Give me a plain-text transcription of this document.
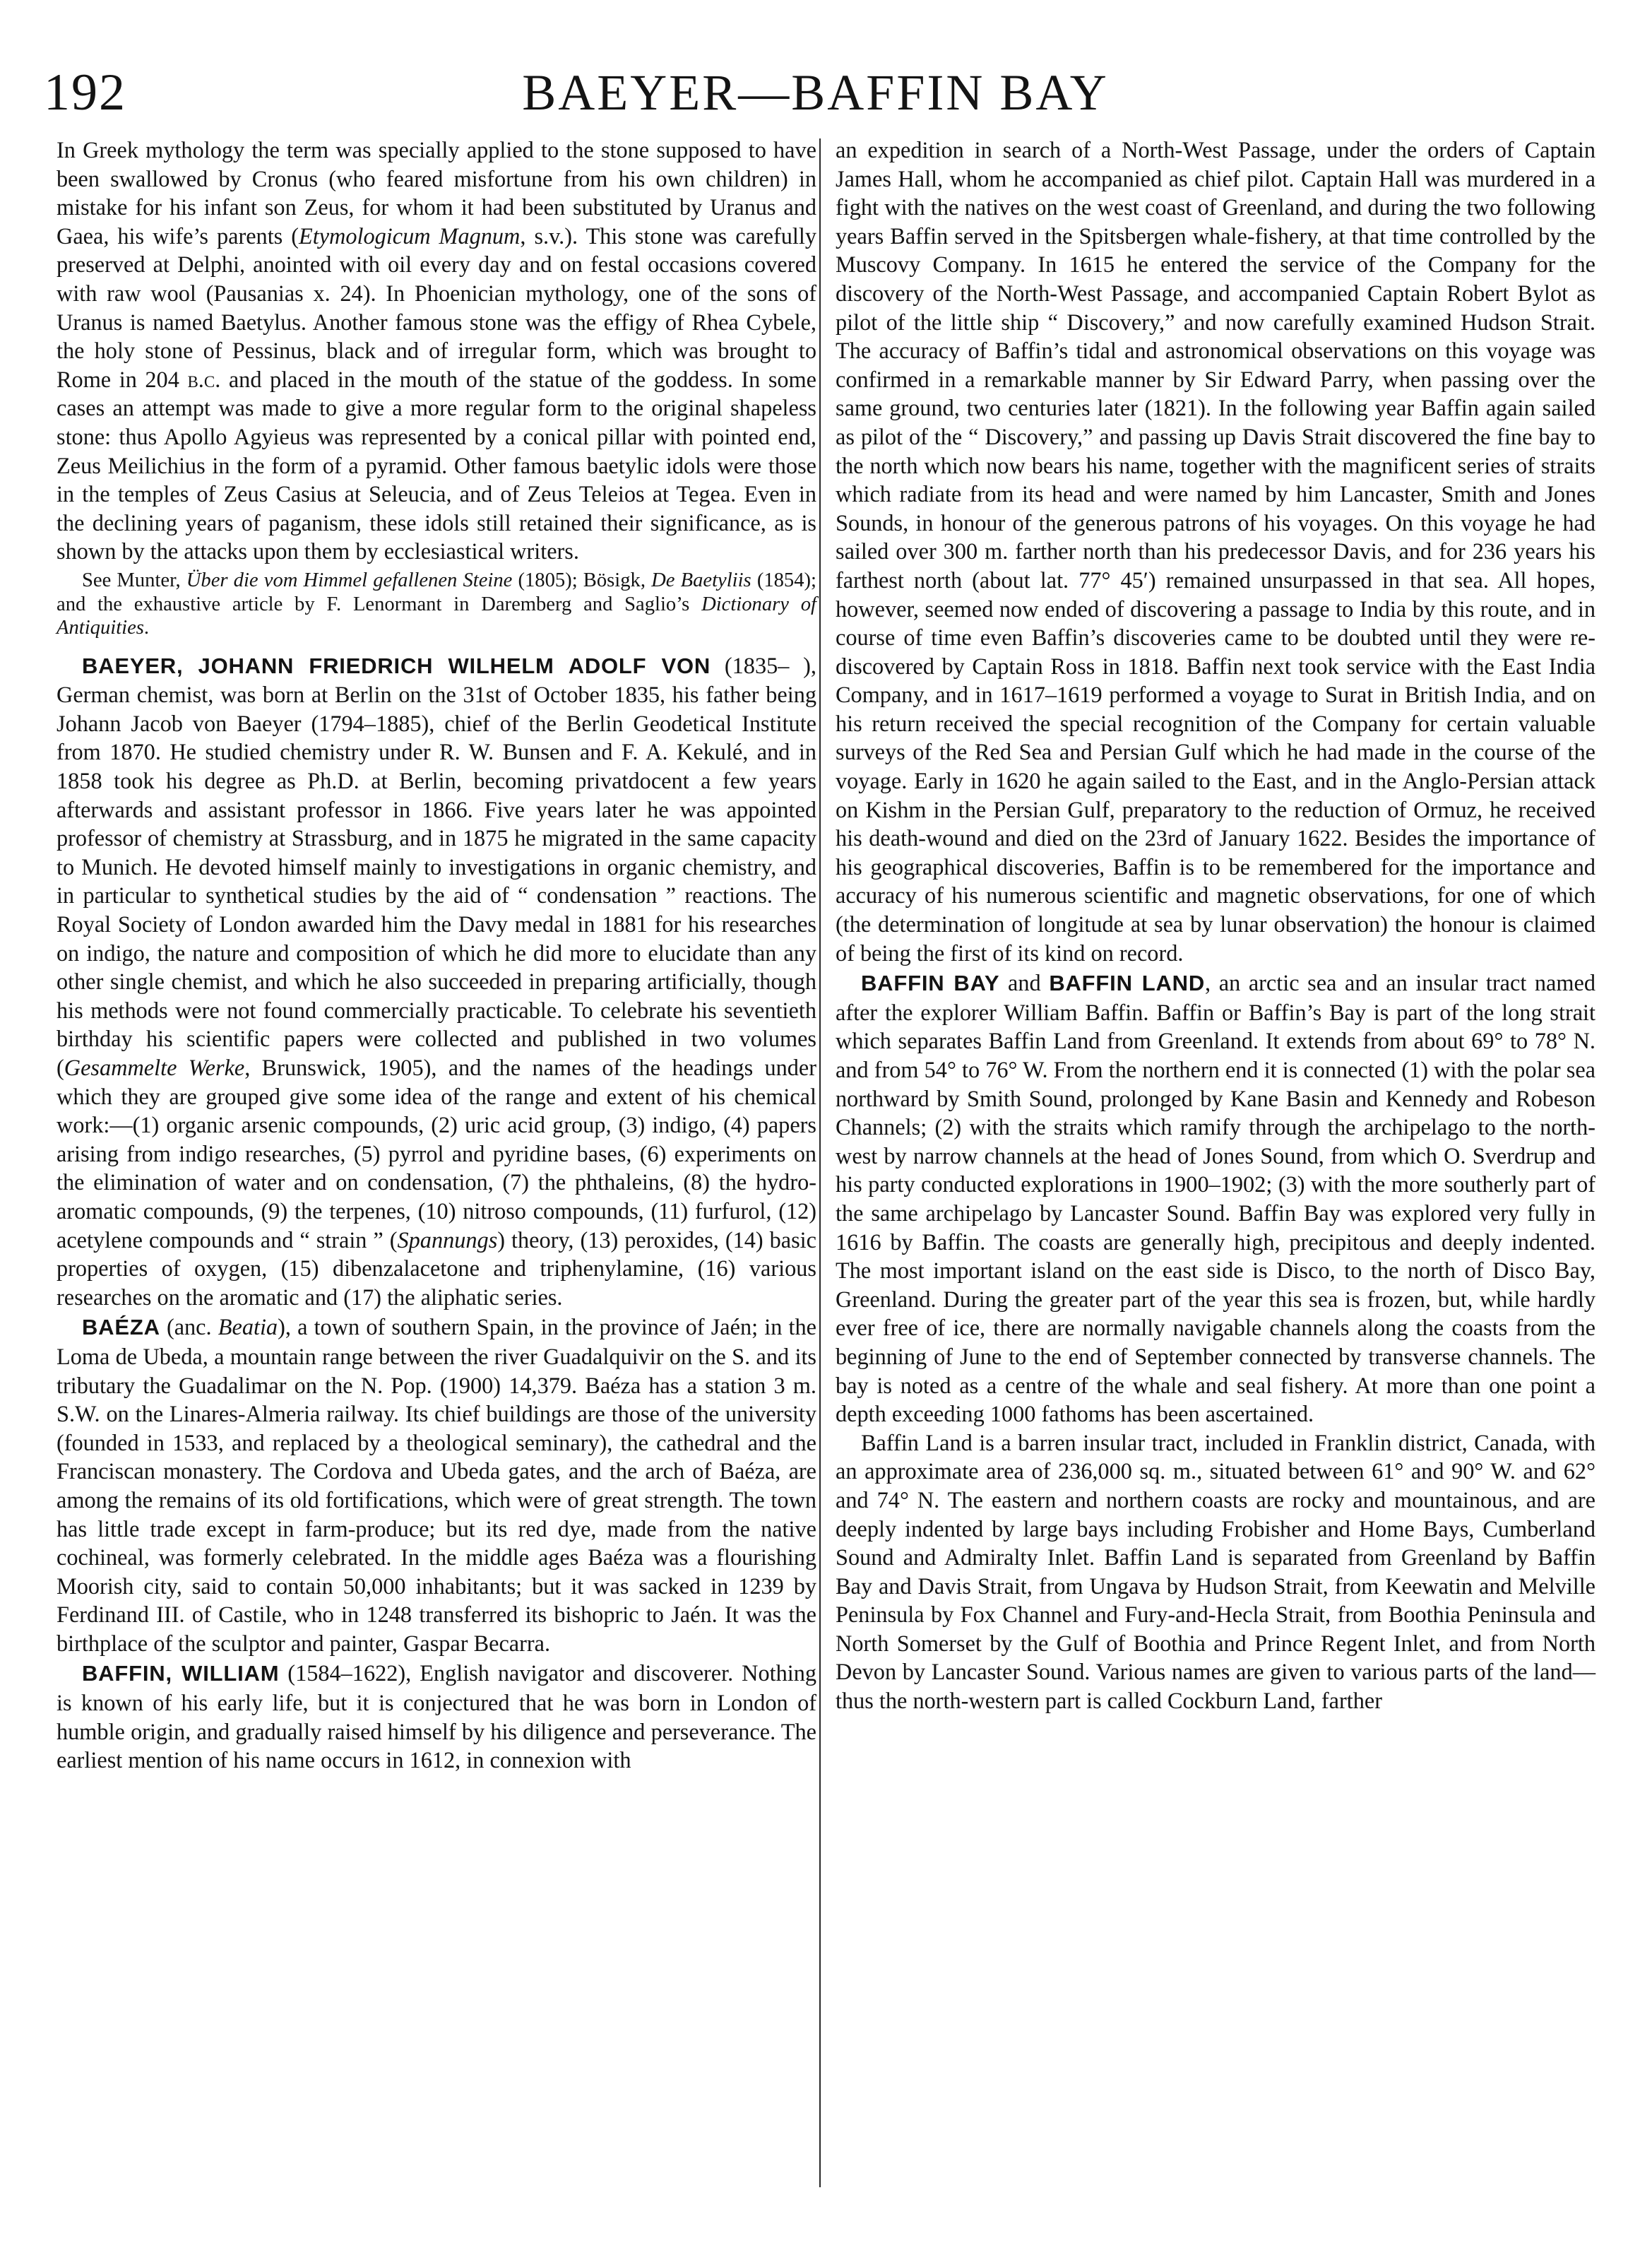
192	BAEYER—BAFFIN BAY

In Greek mythology the term was specially applied to the stone supposed to have been swallowed by Cronus (who feared misfortune from his own children) in mistake for his infant son Zeus, for whom it had been substituted by Uranus and Gaea, his wife’s parents (Etymologicum Magnum, s.v.). This stone was carefully preserved at Delphi, anointed with oil every day and on festal occasions covered with raw wool (Pausanias x. 24). In Phoenician mythology, one of the sons of Uranus is named Baetylus. Another famous stone was the effigy of Rhea Cybele, the holy stone of Pessinus, black and of irregular form, which was brought to Rome in 204 b.c. and placed in the mouth of the statue of the goddess. In some cases an attempt was made to give a more regular form to the original shapeless stone: thus Apollo Agyieus was represented by a conical pillar with pointed end, Zeus Meilichius in the form of a pyramid. Other famous baetylic idols were those in the temples of Zeus Casius at Seleucia, and of Zeus Teleios at Tegea. Even in the declining years of paganism, these idols still retained their significance, as is shown by the attacks upon them by ecclesiastical writers.

See Munter, Über die vom Himmel gefallenen Steine (1805); Bösigk, De Baetyliis (1854); and the exhaustive article by F. Lenormant in Daremberg and Saglio’s Dictionary of Antiquities.

BAEYER, JOHANN FRIEDRICH WILHELM ADOLF VON (1835– ), German chemist, was born at Berlin on the 31st of October 1835, his father being Johann Jacob von Baeyer (1794–1885), chief of the Berlin Geodetical Institute from 1870. He studied chemistry under R. W. Bunsen and F. A. Kekulé, and in 1858 took his degree as Ph.D. at Berlin, becoming privatdocent a few years afterwards and assistant professor in 1866. Five years later he was appointed professor of chemistry at Strassburg, and in 1875 he migrated in the same capacity to Munich. He devoted himself mainly to investigations in organic chemistry, and in particular to synthetical studies by the aid of “ condensation ” reactions. The Royal Society of London awarded him the Davy medal in 1881 for his researches on indigo, the nature and composition of which he did more to elucidate than any other single chemist, and which he also succeeded in preparing artificially, though his methods were not found commercially practicable. To celebrate his seventieth birthday his scientific papers were collected and published in two volumes (Gesammelte Werke, Brunswick, 1905), and the names of the headings under which they are grouped give some idea of the range and extent of his chemical work:—(1) organic arsenic compounds, (2) uric acid group, (3) indigo, (4) papers arising from indigo researches, (5) pyrrol and pyridine bases, (6) experiments on the elimination of water and on condensation, (7) the phthaleins, (8) the hydro-aromatic compounds, (9) the terpenes, (10) nitroso compounds, (11) furfurol, (12) acetylene compounds and “ strain ” (Spannungs) theory, (13) peroxides, (14) basic properties of oxygen, (15) dibenzalacetone and triphenylamine, (16) various researches on the aromatic and (17) the aliphatic series.

BAÉZA (anc. Beatia), a town of southern Spain, in the province of Jaén; in the Loma de Ubeda, a mountain range between the river Guadalquivir on the S. and its tributary the Guadalimar on the N. Pop. (1900) 14,379. Baéza has a station 3 m. S.W. on the Linares-Almeria railway. Its chief buildings are those of the university (founded in 1533, and replaced by a theological seminary), the cathedral and the Franciscan monastery. The Cordova and Ubeda gates, and the arch of Baéza, are among the remains of its old fortifications, which were of great strength. The town has little trade except in farm-produce; but its red dye, made from the native cochineal, was formerly celebrated. In the middle ages Baéza was a flourishing Moorish city, said to contain 50,000 inhabitants; but it was sacked in 1239 by Ferdinand III. of Castile, who in 1248 transferred its bishopric to Jaén. It was the birthplace of the sculptor and painter, Gaspar Becarra.

BAFFIN, WILLIAM (1584–1622), English navigator and discoverer. Nothing is known of his early life, but it is conjectured that he was born in London of humble origin, and gradually raised himself by his diligence and perseverance. The earliest mention of his name occurs in 1612, in connexion with

an expedition in search of a North-West Passage, under the orders of Captain James Hall, whom he accompanied as chief pilot. Captain Hall was murdered in a fight with the natives on the west coast of Greenland, and during the two following years Baffin served in the Spitsbergen whale-fishery, at that time controlled by the Muscovy Company. In 1615 he entered the service of the Company for the discovery of the North-West Passage, and accompanied Captain Robert Bylot as pilot of the little ship “ Discovery,” and now carefully examined Hudson Strait. The accuracy of Baffin’s tidal and astronomical observations on this voyage was confirmed in a remarkable manner by Sir Edward Parry, when passing over the same ground, two centuries later (1821). In the following year Baffin again sailed as pilot of the “ Discovery,” and passing up Davis Strait discovered the fine bay to the north which now bears his name, together with the magnificent series of straits which radiate from its head and were named by him Lancaster, Smith and Jones Sounds, in honour of the generous patrons of his voyages. On this voyage he had sailed over 300 m. farther north than his predecessor Davis, and for 236 years his farthest north (about lat. 77° 45′) remained unsurpassed in that sea. All hopes, however, seemed now ended of discovering a passage to India by this route, and in course of time even Baffin’s discoveries came to be doubted until they were re-discovered by Captain Ross in 1818. Baffin next took service with the East India Company, and in 1617–1619 performed a voyage to Surat in British India, and on his return received the special recognition of the Company for certain valuable surveys of the Red Sea and Persian Gulf which he had made in the course of the voyage. Early in 1620 he again sailed to the East, and in the Anglo-Persian attack on Kishm in the Persian Gulf, preparatory to the reduction of Ormuz, he received his death-wound and died on the 23rd of January 1622. Besides the importance of his geographical discoveries, Baffin is to be remembered for the importance and accuracy of his numerous scientific and magnetic observations, for one of which (the determination of longitude at sea by lunar observation) the honour is claimed of being the first of its kind on record.

BAFFIN BAY and BAFFIN LAND, an arctic sea and an insular tract named after the explorer William Baffin. Baffin or Baffin’s Bay is part of the long strait which separates Baffin Land from Greenland. It extends from about 69° to 78° N. and from 54° to 76° W. From the northern end it is connected (1) with the polar sea northward by Smith Sound, prolonged by Kane Basin and Kennedy and Robeson Channels; (2) with the straits which ramify through the archipelago to the north-west by narrow channels at the head of Jones Sound, from which O. Sverdrup and his party conducted explorations in 1900–1902; (3) with the more southerly part of the same archipelago by Lancaster Sound. Baffin Bay was explored very fully in 1616 by Baffin. The coasts are generally high, precipitous and deeply indented. The most important island on the east side is Disco, to the north of Disco Bay, Greenland. During the greater part of the year this sea is frozen, but, while hardly ever free of ice, there are normally navigable channels along the coasts from the beginning of June to the end of September connected by transverse channels. The bay is noted as a centre of the whale and seal fishery. At more than one point a depth exceeding 1000 fathoms has been ascertained.

Baffin Land is a barren insular tract, included in Franklin district, Canada, with an approximate area of 236,000 sq. m., situated between 61° and 90° W. and 62° and 74° N. The eastern and northern coasts are rocky and mountainous, and are deeply indented by large bays including Frobisher and Home Bays, Cumberland Sound and Admiralty Inlet. Baffin Land is separated from Greenland by Baffin Bay and Davis Strait, from Ungava by Hudson Strait, from Keewatin and Melville Peninsula by Fox Channel and Fury-and-Hecla Strait, from Boothia Peninsula and North Somerset by the Gulf of Boothia and Prince Regent Inlet, and from North Devon by Lancaster Sound. Various names are given to various parts of the land—thus the north-western part is called Cockburn Land, farther
